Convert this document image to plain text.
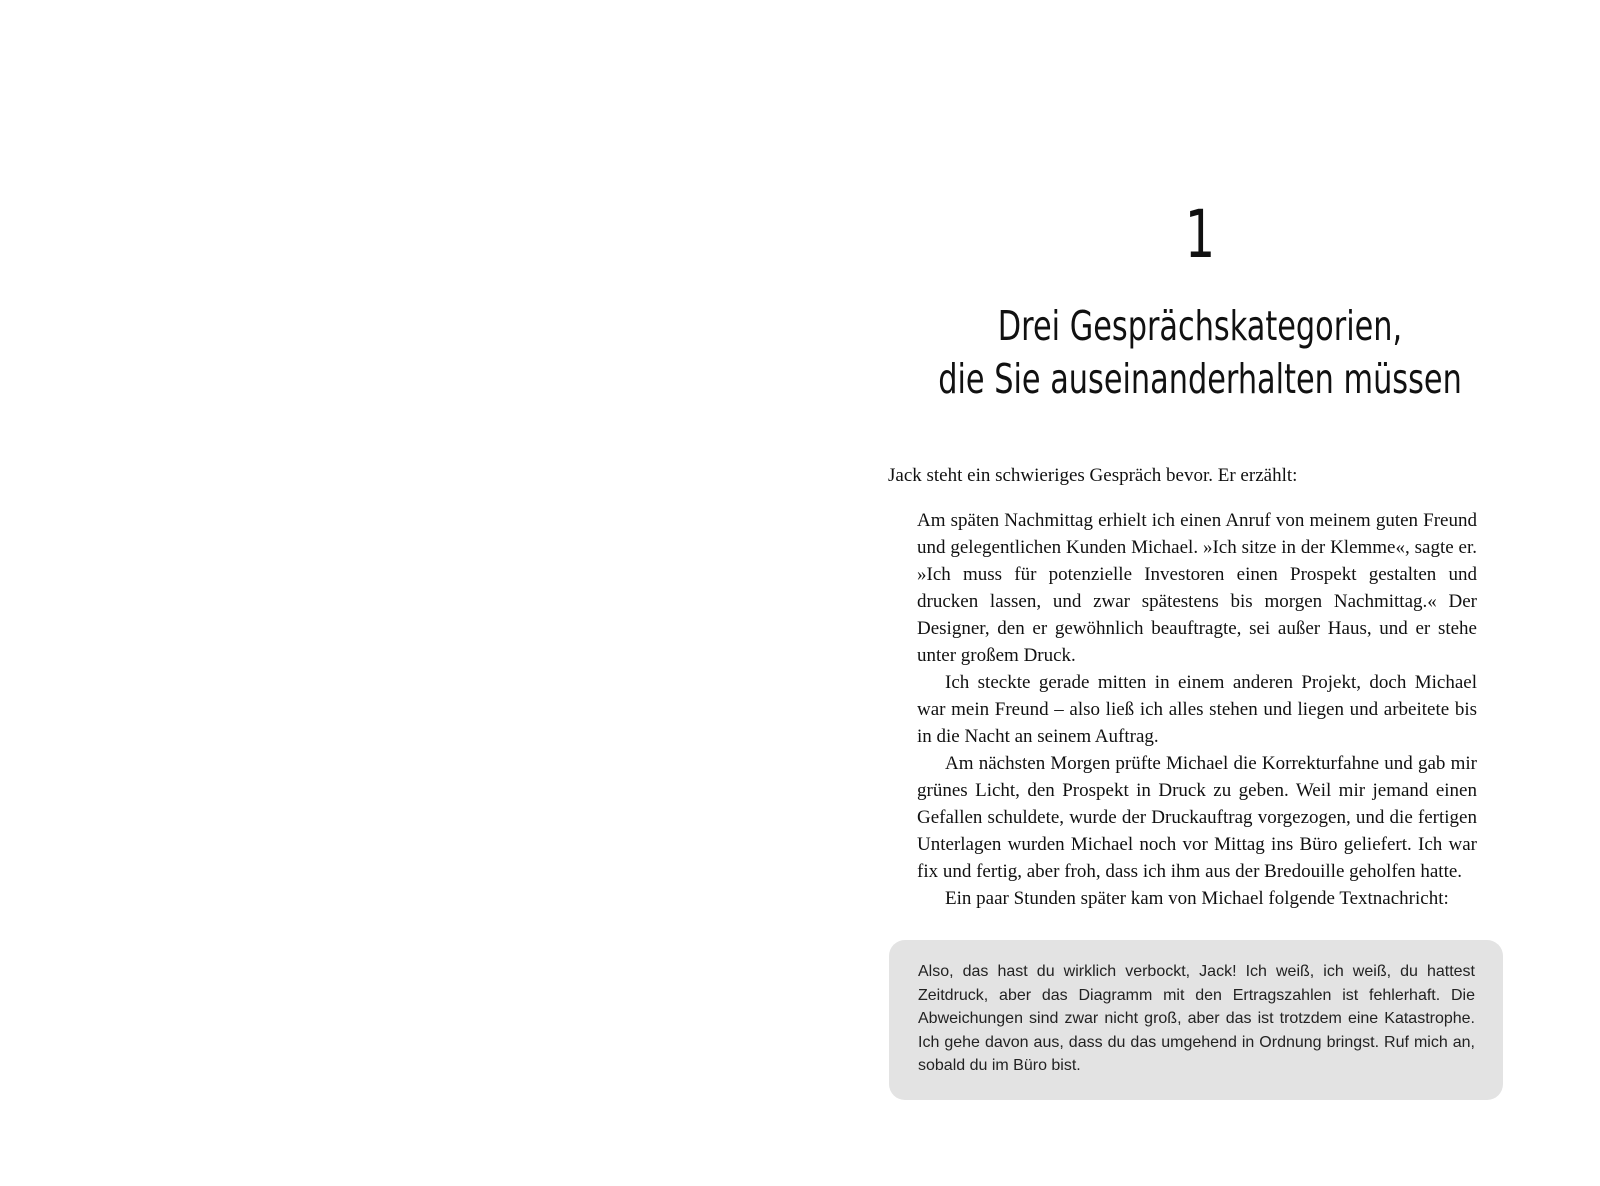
1
Drei Gesprächskategorien,
die Sie auseinanderhalten müssen

Jack steht ein schwieriges Gespräch bevor. Er erzählt:

Am späten Nachmittag erhielt ich einen Anruf von meinem guten Freund und gelegentlichen Kunden Michael. »Ich sitze in der Klemme«, sagte er. »Ich muss für potenzielle Investoren einen Prospekt gestalten und drucken lassen, und zwar spätestens bis morgen Nachmittag.« Der Designer, den er gewöhnlich beauftragte, sei außer Haus, und er stehe unter großem Druck.

Ich steckte gerade mitten in einem anderen Projekt, doch Michael war mein Freund – also ließ ich alles stehen und liegen und arbeitete bis in die Nacht an seinem Auftrag.

Am nächsten Morgen prüfte Michael die Korrekturfahne und gab mir grünes Licht, den Prospekt in Druck zu geben. Weil mir jemand einen Gefallen schuldete, wurde der Druckauftrag vorgezogen, und die fertigen Unterlagen wurden Michael noch vor Mittag ins Büro geliefert. Ich war fix und fertig, aber froh, dass ich ihm aus der Bredouille geholfen hatte.

Ein paar Stunden später kam von Michael folgende Textnachricht:

Also, das hast du wirklich verbockt, Jack! Ich weiß, ich weiß, du hattest Zeitdruck, aber das Diagramm mit den Ertragszahlen ist fehlerhaft. Die Abweichungen sind zwar nicht groß, aber das ist trotzdem eine Katastrophe. Ich gehe davon aus, dass du das umgehend in Ordnung bringst. Ruf mich an, sobald du im Büro bist.
